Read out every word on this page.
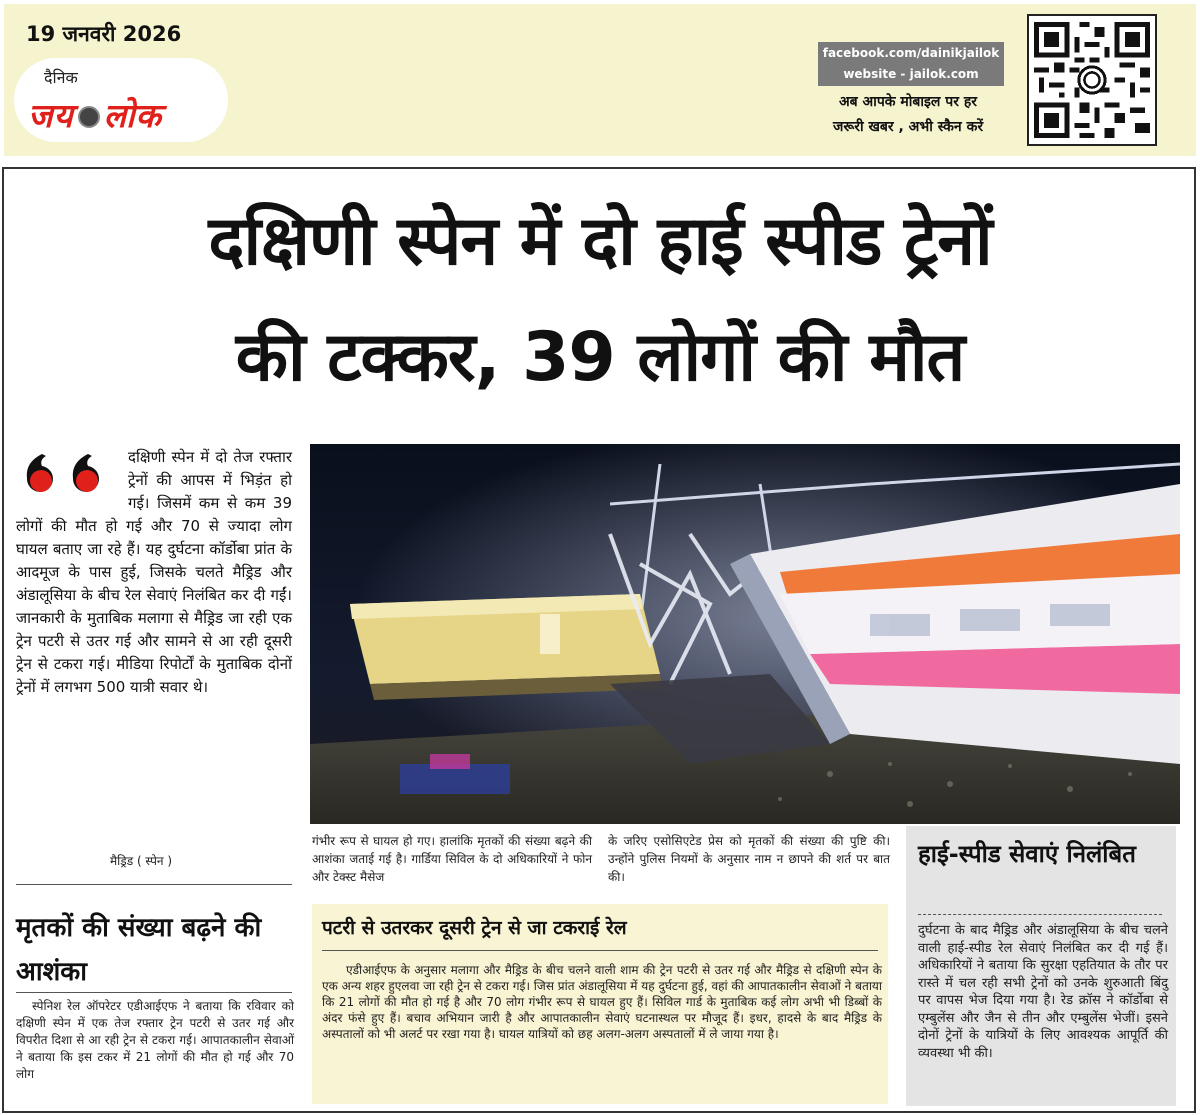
19 जनवरी 2026
दैनिक
जय लोक
facebook.com/dainikjailok
website - jailok.com
अब आपके मोबाइल पर हर
जरूरी खबर , अभी स्कैन करें
दक्षिणी स्पेन में दो हाई स्पीड ट्रेनों
की टक्कर, 39 लोगों की मौत
दक्षिणी स्पेन में दो तेज रफ्तार ट्रेनों की आपस में भिड़ंत हो गई। जिसमें कम से कम 39 लोगों की मौत हो गई और 70 से ज्यादा लोग घायल बताए जा रहे हैं। यह दुर्घटना कॉर्डोबा प्रांत के आदमूज के पास हुई, जिसके चलते मैड्रिड और अंडालूसिया के बीच रेल सेवाएं निलंबित कर दी गईं। जानकारी के मुताबिक मलागा से मैड्रिड जा रही एक ट्रेन पटरी से उतर गई और सामने से आ रही दूसरी ट्रेन से टकरा गई। मीडिया रिपोर्टों के मुताबिक दोनों ट्रेनों में लगभग 500 यात्री सवार थे।
मैड्रिड ( स्पेन )
मृतकों की संख्या बढ़ने की आशंका

स्पेनिश रेल ऑपरेटर एडीआईएफ ने बताया कि रविवार को दक्षिणी स्पेन में एक तेज रफ्तार ट्रेन पटरी से उतर गई और विपरीत दिशा से आ रही ट्रेन से टकरा गई। आपातकालीन सेवाओं ने बताया कि इस टकर में 21 लोगों की मौत हो गई और 70 लोग

गंभीर रूप से घायल हो गए। हालांकि मृतकों की संख्या बढ़ने की आशंका जताई गई है। गार्डिया सिविल के दो अधिकारियों ने फोन और टेक्स्ट मैसेज

के जरिए एसोसिएटेड प्रेस को मृतकों की संख्या की पुष्टि की। उन्होंने पुलिस नियमों के अनुसार नाम न छापने की शर्त पर बात की।

पटरी से उतरकर दूसरी ट्रेन से जा टकराई रेल

एडीआईएफ के अनुसार मलागा और मैड्रिड के बीच चलने वाली शाम की ट्रेन पटरी से उतर गई और मैड्रिड से दक्षिणी स्पेन के एक अन्य शहर हुएलवा जा रही ट्रेन से टकरा गई। जिस प्रांत अंडालूसिया में यह दुर्घटना हुई, वहां की आपातकालीन सेवाओं ने बताया कि 21 लोगों की मौत हो गई है और 70 लोग गंभीर रूप से घायल हुए हैं। सिविल गार्ड के मुताबिक कई लोग अभी भी डिब्बों के अंदर फंसे हुए हैं। बचाव अभियान जारी है और आपातकालीन सेवाएं घटनास्थल पर मौजूद हैं। इधर, हादसे के बाद मैड्रिड के अस्पतालों को भी अलर्ट पर रखा गया है। घायल यात्रियों को छह अलग-अलग अस्पतालों में ले जाया गया है।

हाई-स्पीड सेवाएं निलंबित

दुर्घटना के बाद मैड्रिड और अंडालूसिया के बीच चलने वाली हाई-स्पीड रेल सेवाएं निलंबित कर दी गई हैं। अधिकारियों ने बताया कि सुरक्षा एहतियात के तौर पर रास्ते में चल रही सभी ट्रेनों को उनके शुरुआती बिंदु पर वापस भेज दिया गया है। रेड क्रॉस ने कॉर्डोबा से एम्बुलेंस और जैन से तीन और एम्बुलेंस भेजीं। इसने दोनों ट्रेनों के यात्रियों के लिए आवश्यक आपूर्ति की व्यवस्था भी की।
